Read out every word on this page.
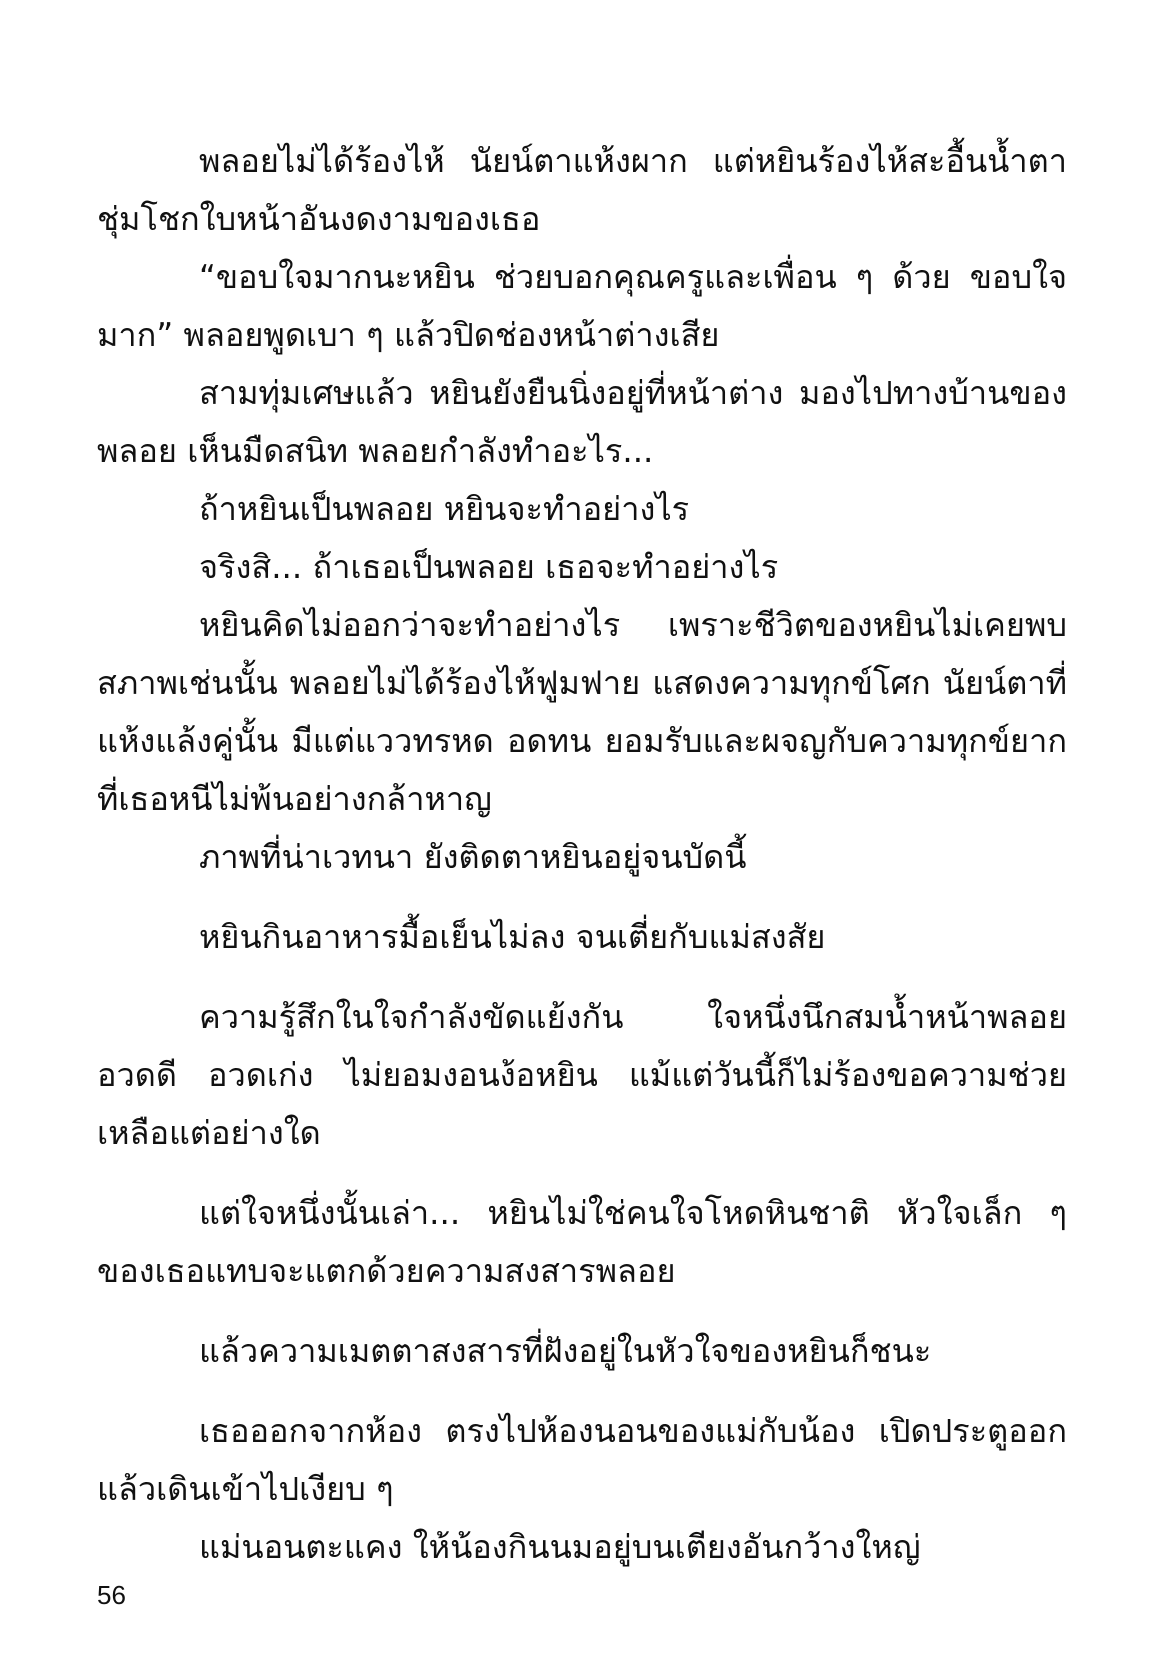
พลอยไม่ได้ร้องไห้ นัยน์ตาแห้งผาก แต่หยินร้องไห้สะอื้นน้ำตาชุ่มโชกใบหน้าอันงดงามของเธอ

“ขอบใจมากนะหยิน ช่วยบอกคุณครูและเพื่อน ๆ ด้วย ขอบใจมาก” พลอยพูดเบา ๆ แล้วปิดช่องหน้าต่างเสีย

สามทุ่มเศษแล้ว หยินยังยืนนิ่งอยู่ที่หน้าต่าง มองไปทางบ้านของพลอย เห็นมืดสนิท พลอยกำลังทำอะไร...

ถ้าหยินเป็นพลอย หยินจะทำอย่างไร

จริงสิ... ถ้าเธอเป็นพลอย เธอจะทำอย่างไร

หยินคิดไม่ออกว่าจะทำอย่างไร เพราะชีวิตของหยินไม่เคยพบสภาพเช่นนั้น พลอยไม่ได้ร้องไห้ฟูมฟาย แสดงความทุกข์โศก นัยน์ตาที่แห้งแล้งคู่นั้น มีแต่แววทรหด อดทน ยอมรับและผจญกับความทุกข์ยากที่เธอหนีไม่พ้นอย่างกล้าหาญ

ภาพที่น่าเวทนา ยังติดตาหยินอยู่จนบัดนี้

หยินกินอาหารมื้อเย็นไม่ลง จนเตี่ยกับแม่สงสัย

ความรู้สึกในใจกำลังขัดแย้งกัน ใจหนึ่งนึกสมน้ำหน้าพลอยอวดดี อวดเก่ง ไม่ยอมงอนง้อหยิน แม้แต่วันนี้ก็ไม่ร้องขอความช่วยเหลือแต่อย่างใด

แต่ใจหนึ่งนั้นเล่า... หยินไม่ใช่คนใจโหดหินชาติ หัวใจเล็ก ๆ ของเธอแทบจะแตกด้วยความสงสารพลอย

แล้วความเมตตาสงสารที่ฝังอยู่ในหัวใจของหยินก็ชนะ

เธอออกจากห้อง ตรงไปห้องนอนของแม่กับน้อง เปิดประตูออกแล้วเดินเข้าไปเงียบ ๆ

แม่นอนตะแคง ให้น้องกินนมอยู่บนเตียงอันกว้างใหญ่

56
